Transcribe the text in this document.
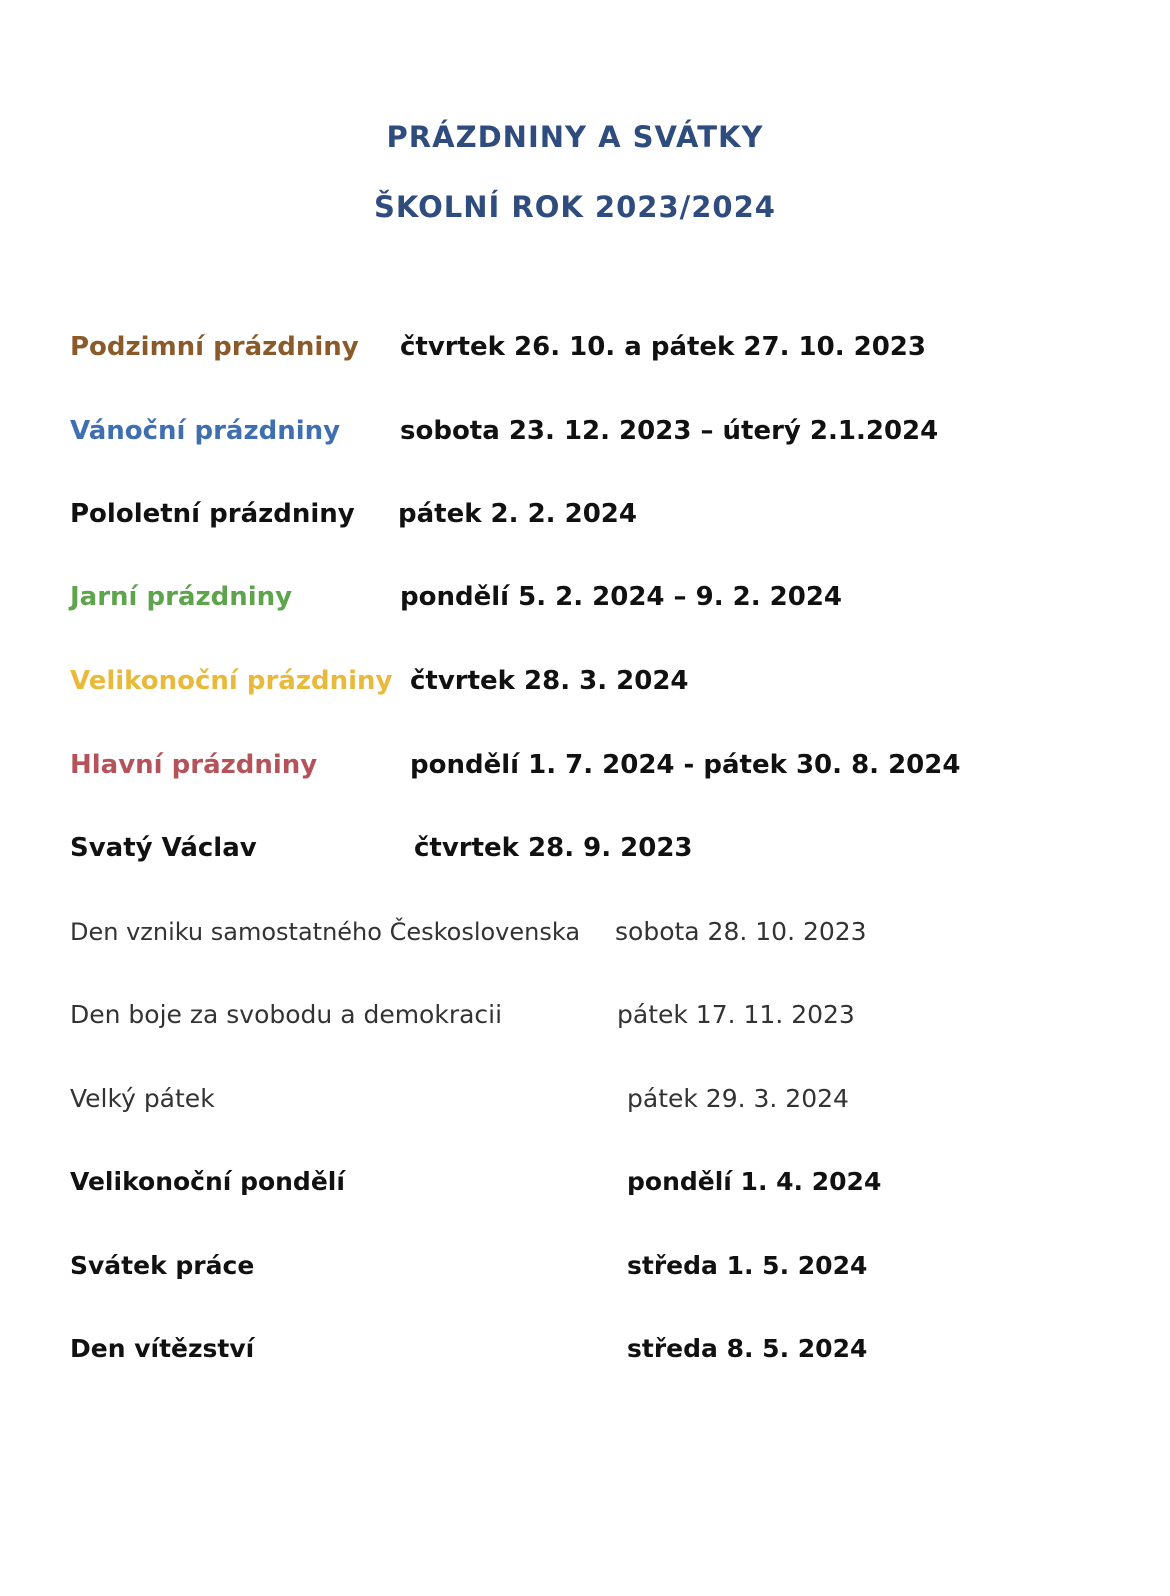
PRÁZDNINY A SVÁTKY
ŠKOLNÍ ROK 2023/2024
Podzimní prázdniny čtvrtek 26. 10. a pátek 27. 10. 2023
Vánoční prázdniny sobota 23. 12. 2023 – úterý 2.1.2024
Pololetní prázdniny pátek 2. 2. 2024
Jarní prázdniny	pondělí 5. 2. 2024 – 9. 2. 2024
Velikonoční prázdniny čtvrtek 28. 3. 2024
Hlavní prázdniny	pondělí 1. 7. 2024 - pátek 30. 8. 2024
Svatý Václav	čtvrtek 28. 9. 2023
Den vzniku samostatného Československa sobota 28. 10. 2023
Den boje za svobodu a demokracii	pátek 17. 11. 2023
Velký pátek	pátek 29. 3. 2024
Velikonoční pondělí	pondělí 1. 4. 2024
Svátek práce	středa 1. 5. 2024
Den vítězství	středa 8. 5. 2024
